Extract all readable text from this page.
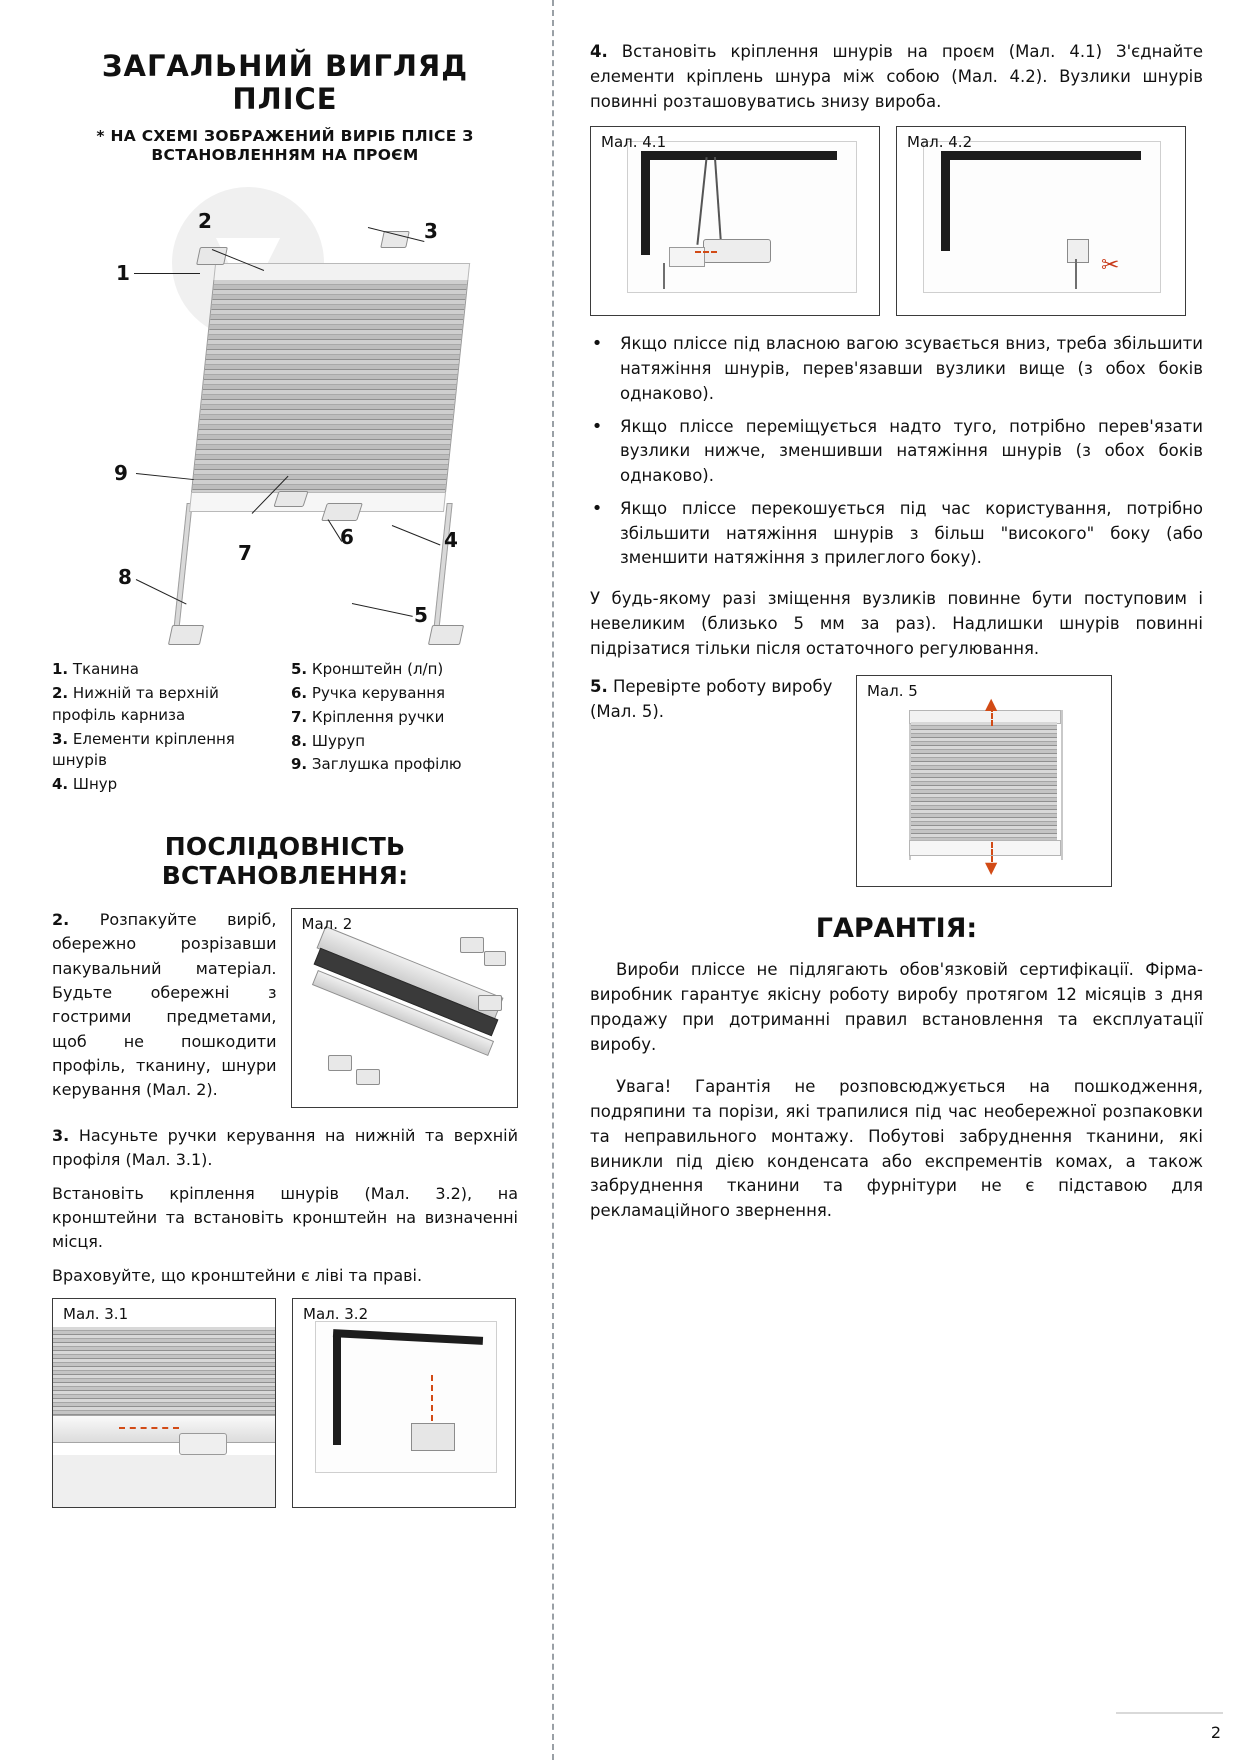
ЗАГАЛЬНИЙ ВИГЛЯД ПЛІСЕ
* НА СХЕМІ ЗОБРАЖЕНИЙ ВИРІБ ПЛІСЕ З ВСТАНОВЛЕННЯМ НА ПРОЄМ
1
2	3
4
5
6
7
8
9
1. Тканина
2. Нижній та верхній профіль карниза
3. Елементи кріплення шнурів
4. Шнур
5. Кронштейн (л/п)
6. Ручка керування
7. Кріплення ручки
8. Шуруп
9. Заглушка профілю
ПОСЛІДОВНІСТЬ ВСТАНОВЛЕННЯ:
2. Розпакуйте виріб, обережно розрізавши пакувальний матеріал. Будьте обережні з гострими предметами, щоб не пошкодити профіль, тканину, шнури керування (Мал. 2).
Мал. 2

3. Насуньте ручки керування на нижній та верхній профіля (Мал. 3.1).

Встановіть кріплення шнурів (Мал. 3.2), на кронштейни та встановіть кронштейн на визначенні місця.

Враховуйте, що кронштейни є ліві та праві.

Мал. 3.1	Мал. 3.2

4. Встановіть кріплення шнурів на проєм (Мал. 4.1) З'єднайте елементи кріплень шнура між собою (Мал. 4.2). Вузлики шнурів повинні розташовуватись знизу виробa.

Мал. 4.1	Мал. 4.2
✂
• Якщо пліссе під власною вагою зсувається вниз, треба збільшити натяжіння шнурів, перев'язавши вузлики вище (з обох боків однаково).
• Якщо пліссе переміщується надто туго, потрібно перев'язати вузлики нижче, зменшивши натяжіння шнурів (з обох боків однаково).
• Якщо пліссе перекошується під час користування, потрібно збільшити натяжіння шнурів з більш "високого" боку (або зменшити натяжіння з прилеглого боку).

У будь-якому разі зміщення вузликів повинне бути поступовим і невеликим (близько 5 мм за раз). Надлишки шнурів повинні підрізатися тільки після остаточного регулювання.

5. Перевірте роботу виробу (Мал. 5).
Мал. 5
▲
▼
ГАРАНТІЯ:

Вироби пліссе не підлягають обов'язковій сертифікації. Фірма-виробник гарантує якісну роботу виробу протягом 12 місяців з дня продажу при дотриманні правил встановлення та експлуатації виробу.

Увага! Гарантія не розповсюджується на пошкодження, подряпини та порізи, які трапилися під час необережної розпаковки та неправильного монтажу. Побутові забруднення тканини, які виникли під дією конденсата або експрементів комах, а також забруднення тканини та фурнітури не є підставою для рекламаційного звернення.

2
